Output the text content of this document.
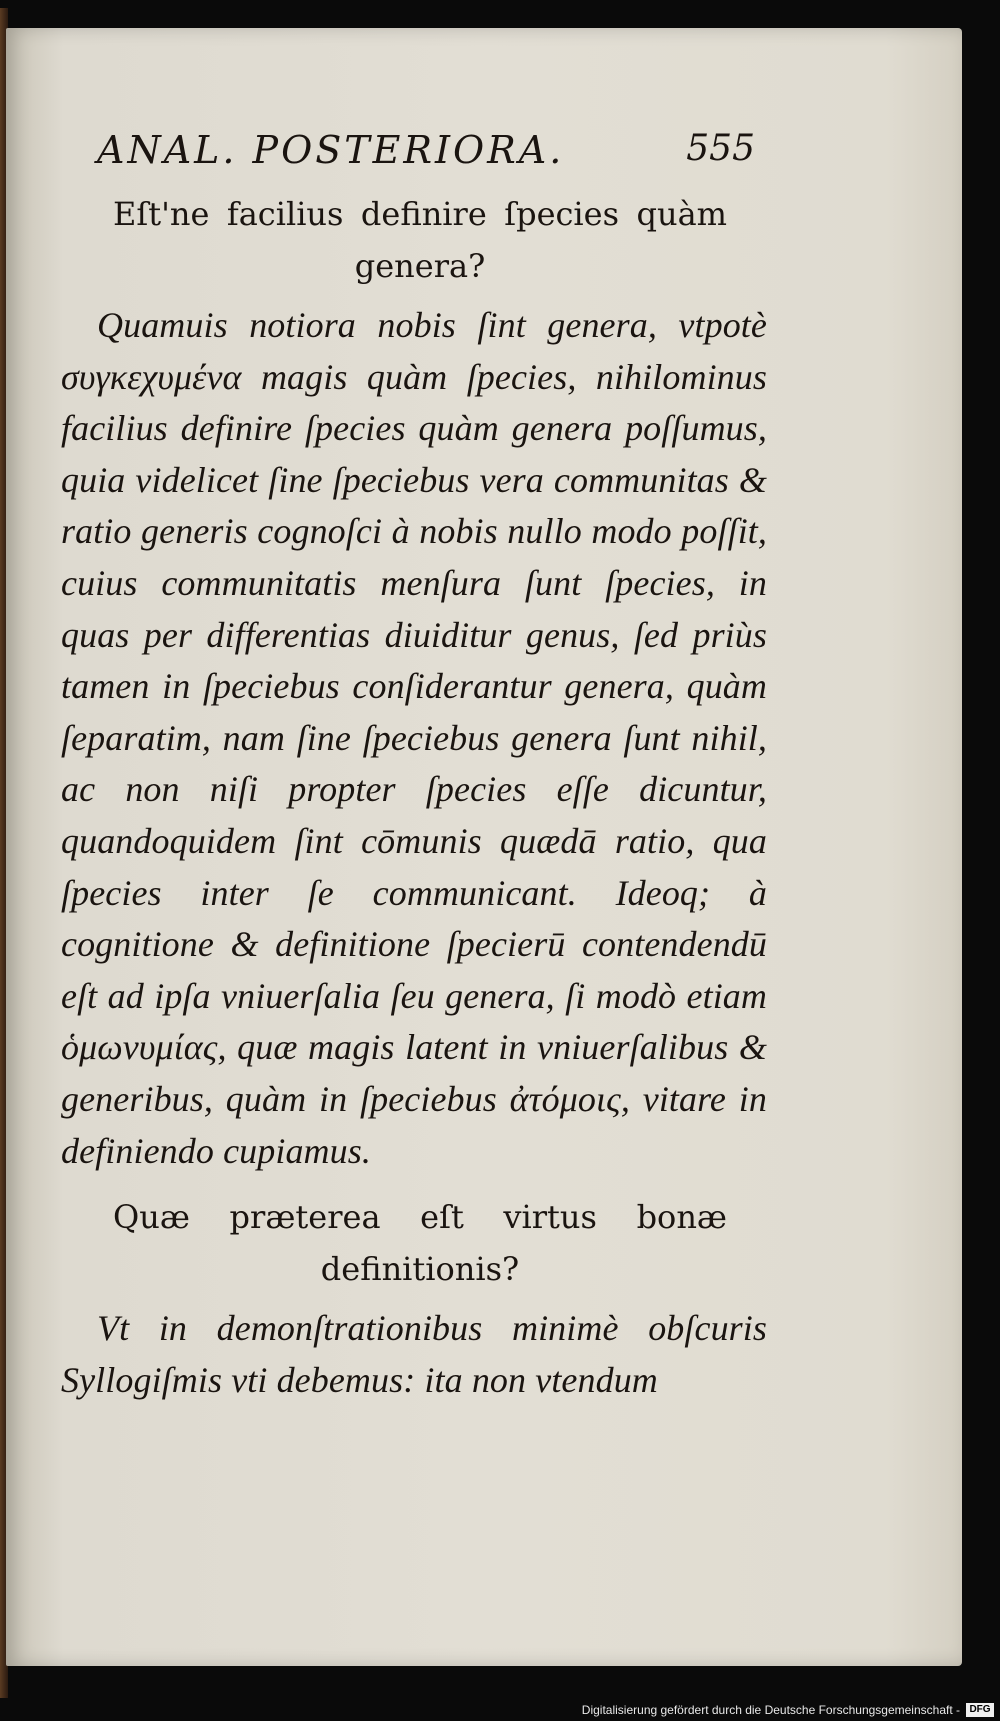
ANAL. POSTERIORA.	555

Eſt'ne facilius definire ſpecies quàm genera?

Quamuis notiora nobis ſint genera, vtpotè συγκεχυμένα magis quàm ſpecies, nihilominus facilius definire ſpecies quàm genera poſſumus, quia videlicet ſine ſpeciebus vera communitas & ratio generis cognoſci à nobis nullo modo poſſit, cuius communitatis menſura ſunt ſpecies, in quas per differentias diuiditur genus, ſed priùs tamen in ſpeciebus conſiderantur genera, quàm ſeparatim, nam ſine ſpeciebus genera ſunt nihil, ac non niſi propter ſpecies eſſe dicuntur, quandoquidem ſint cōmunis quædā ratio, qua ſpecies inter ſe communicant. Ideoq; à cognitione & definitione ſpecierū contendendū eſt ad ipſa vniuerſalia ſeu genera, ſi modò etiam ὁμωνυμίας, quæ magis latent in vniuerſalibus & generibus, quàm in ſpeciebus ἀτόμοις, vitare in definiendo cupiamus.

Quæ præterea eſt virtus bonæ definitionis?

Vt in demonſtrationibus minimè obſcuris Syllogiſmis vti debemus: ita non vtendum

Digitalisierung gefördert durch die Deutsche Forschungsgemeinschaft - DFG
